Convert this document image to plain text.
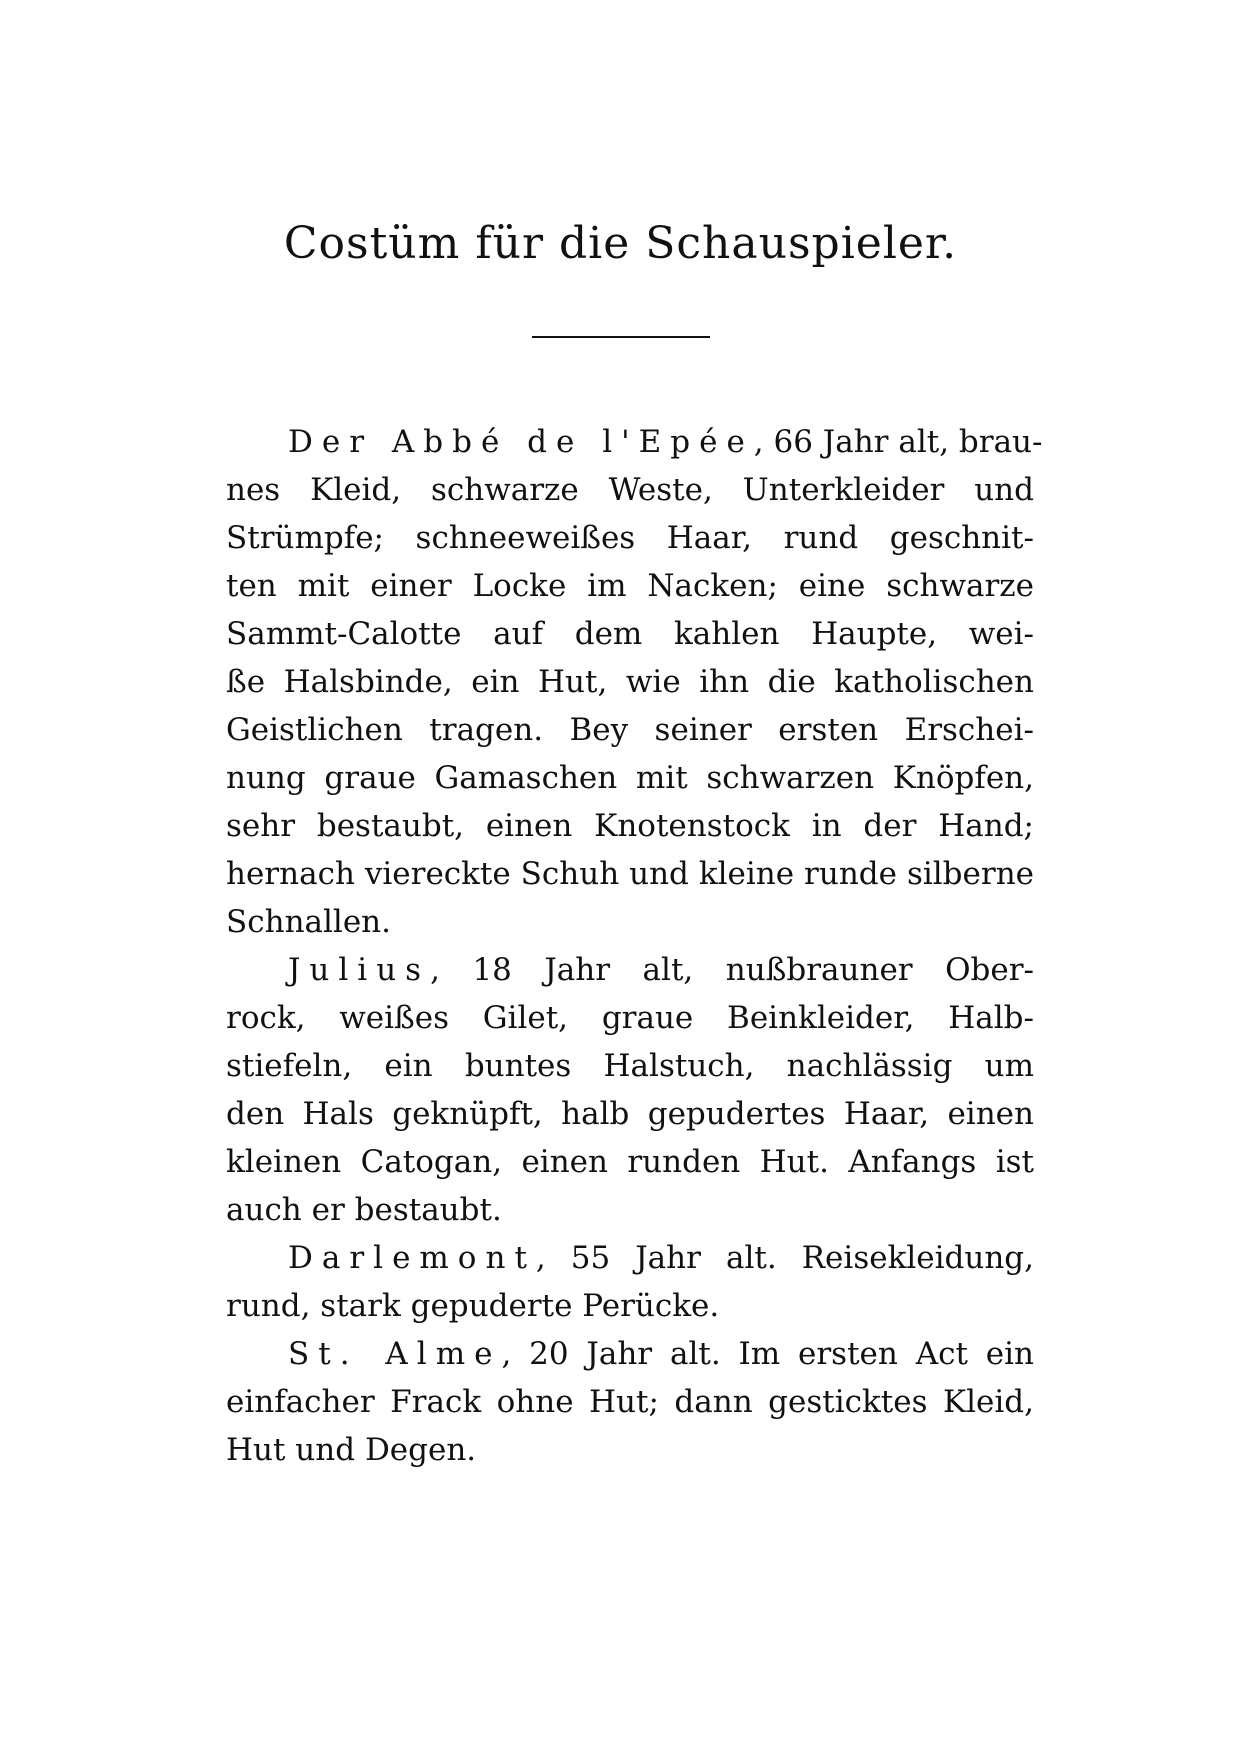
Costüm für die Schauspieler.
Der Abbé de l'Epée, 66 Jahr alt, brau-
nes Kleid, schwarze Weste, Unterkleider und
Strümpfe; schneeweißes Haar, rund geschnit-
ten mit einer Locke im Nacken; eine schwarze
Sammt-Calotte auf dem kahlen Haupte, wei-
ße Halsbinde, ein Hut, wie ihn die katholischen
Geistlichen tragen. Bey seiner ersten Erschei-
nung graue Gamaschen mit schwarzen Knöpfen,
sehr bestaubt, einen Knotenstock in der Hand;
hernach viereckte Schuh und kleine runde silberne
Schnallen.
Julius, 18 Jahr alt, nußbrauner Ober-
rock, weißes Gilet, graue Beinkleider, Halb-
stiefeln, ein buntes Halstuch, nachlässig um
den Hals geknüpft, halb gepudertes Haar, einen
kleinen Catogan, einen runden Hut. Anfangs ist
auch er bestaubt.
Darlemont, 55 Jahr alt. Reisekleidung,
rund, stark gepuderte Perücke.
St. Alme, 20 Jahr alt. Im ersten Act ein
einfacher Frack ohne Hut; dann gesticktes Kleid,
Hut und Degen.
